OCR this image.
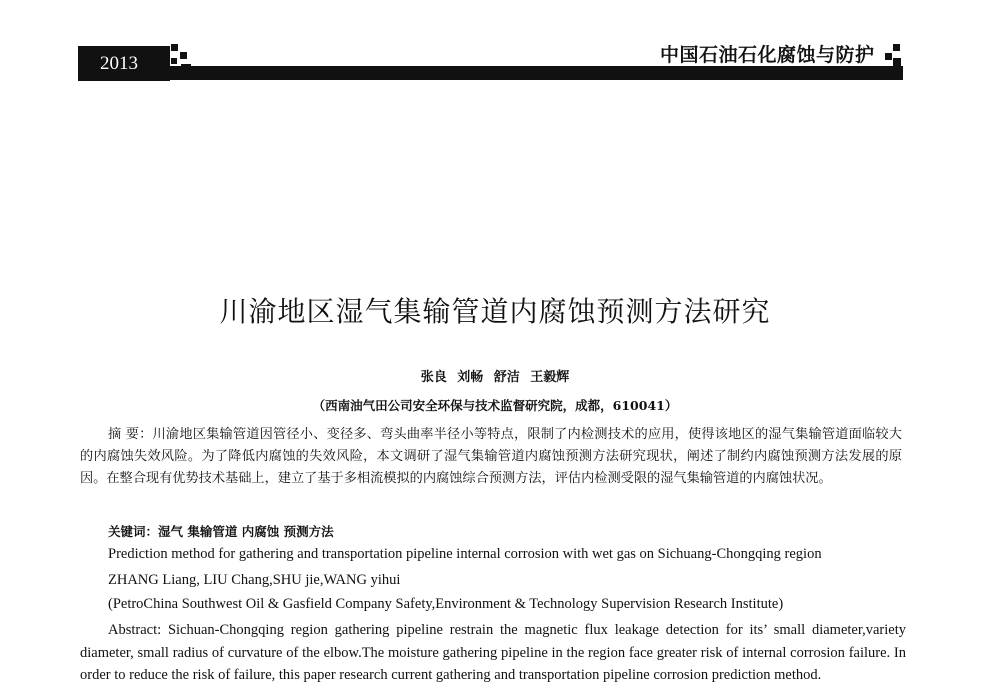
2013	中国石油石化腐蚀与防护
川渝地区湿气集输管道内腐蚀预测方法研究
张良 刘畅 舒洁 王毅辉
（西南油气田公司安全环保与技术监督研究院，成都，610041）
摘 要：川渝地区集输管道因管径小、变径多、弯头曲率半径小等特点，限制了内检测技术的应用，使得该地区的湿气集输管道面临较大的内腐蚀失效风险。为了降低内腐蚀的失效风险，本文调研了湿气集输管道内腐蚀预测方法研究现状，阐述了制约内腐蚀预测方法发展的原因。在整合现有优势技术基础上，建立了基于多相流模拟的内腐蚀综合预测方法，评估内检测受限的湿气集输管道的内腐蚀状况。
关键词：湿气 集输管道 内腐蚀 预测方法
Prediction method for gathering and transportation pipeline internal corrosion with wet gas on Sichuang-Chongqing region
ZHANG Liang, LIU Chang,SHU jie,WANG yihui
(PetroChina Southwest Oil & Gasfield Company Safety,Environment & Technology Supervision Research Institute)
Abstract: Sichuan-Chongqing region gathering pipeline restrain the magnetic flux leakage detection for its’ small diameter,variety diameter, small radius of curvature of the elbow.The moisture gathering pipeline in the region face greater risk of internal corrosion failure. In order to reduce the risk of failure, this paper research current gathering and transportation pipeline corrosion prediction method.
